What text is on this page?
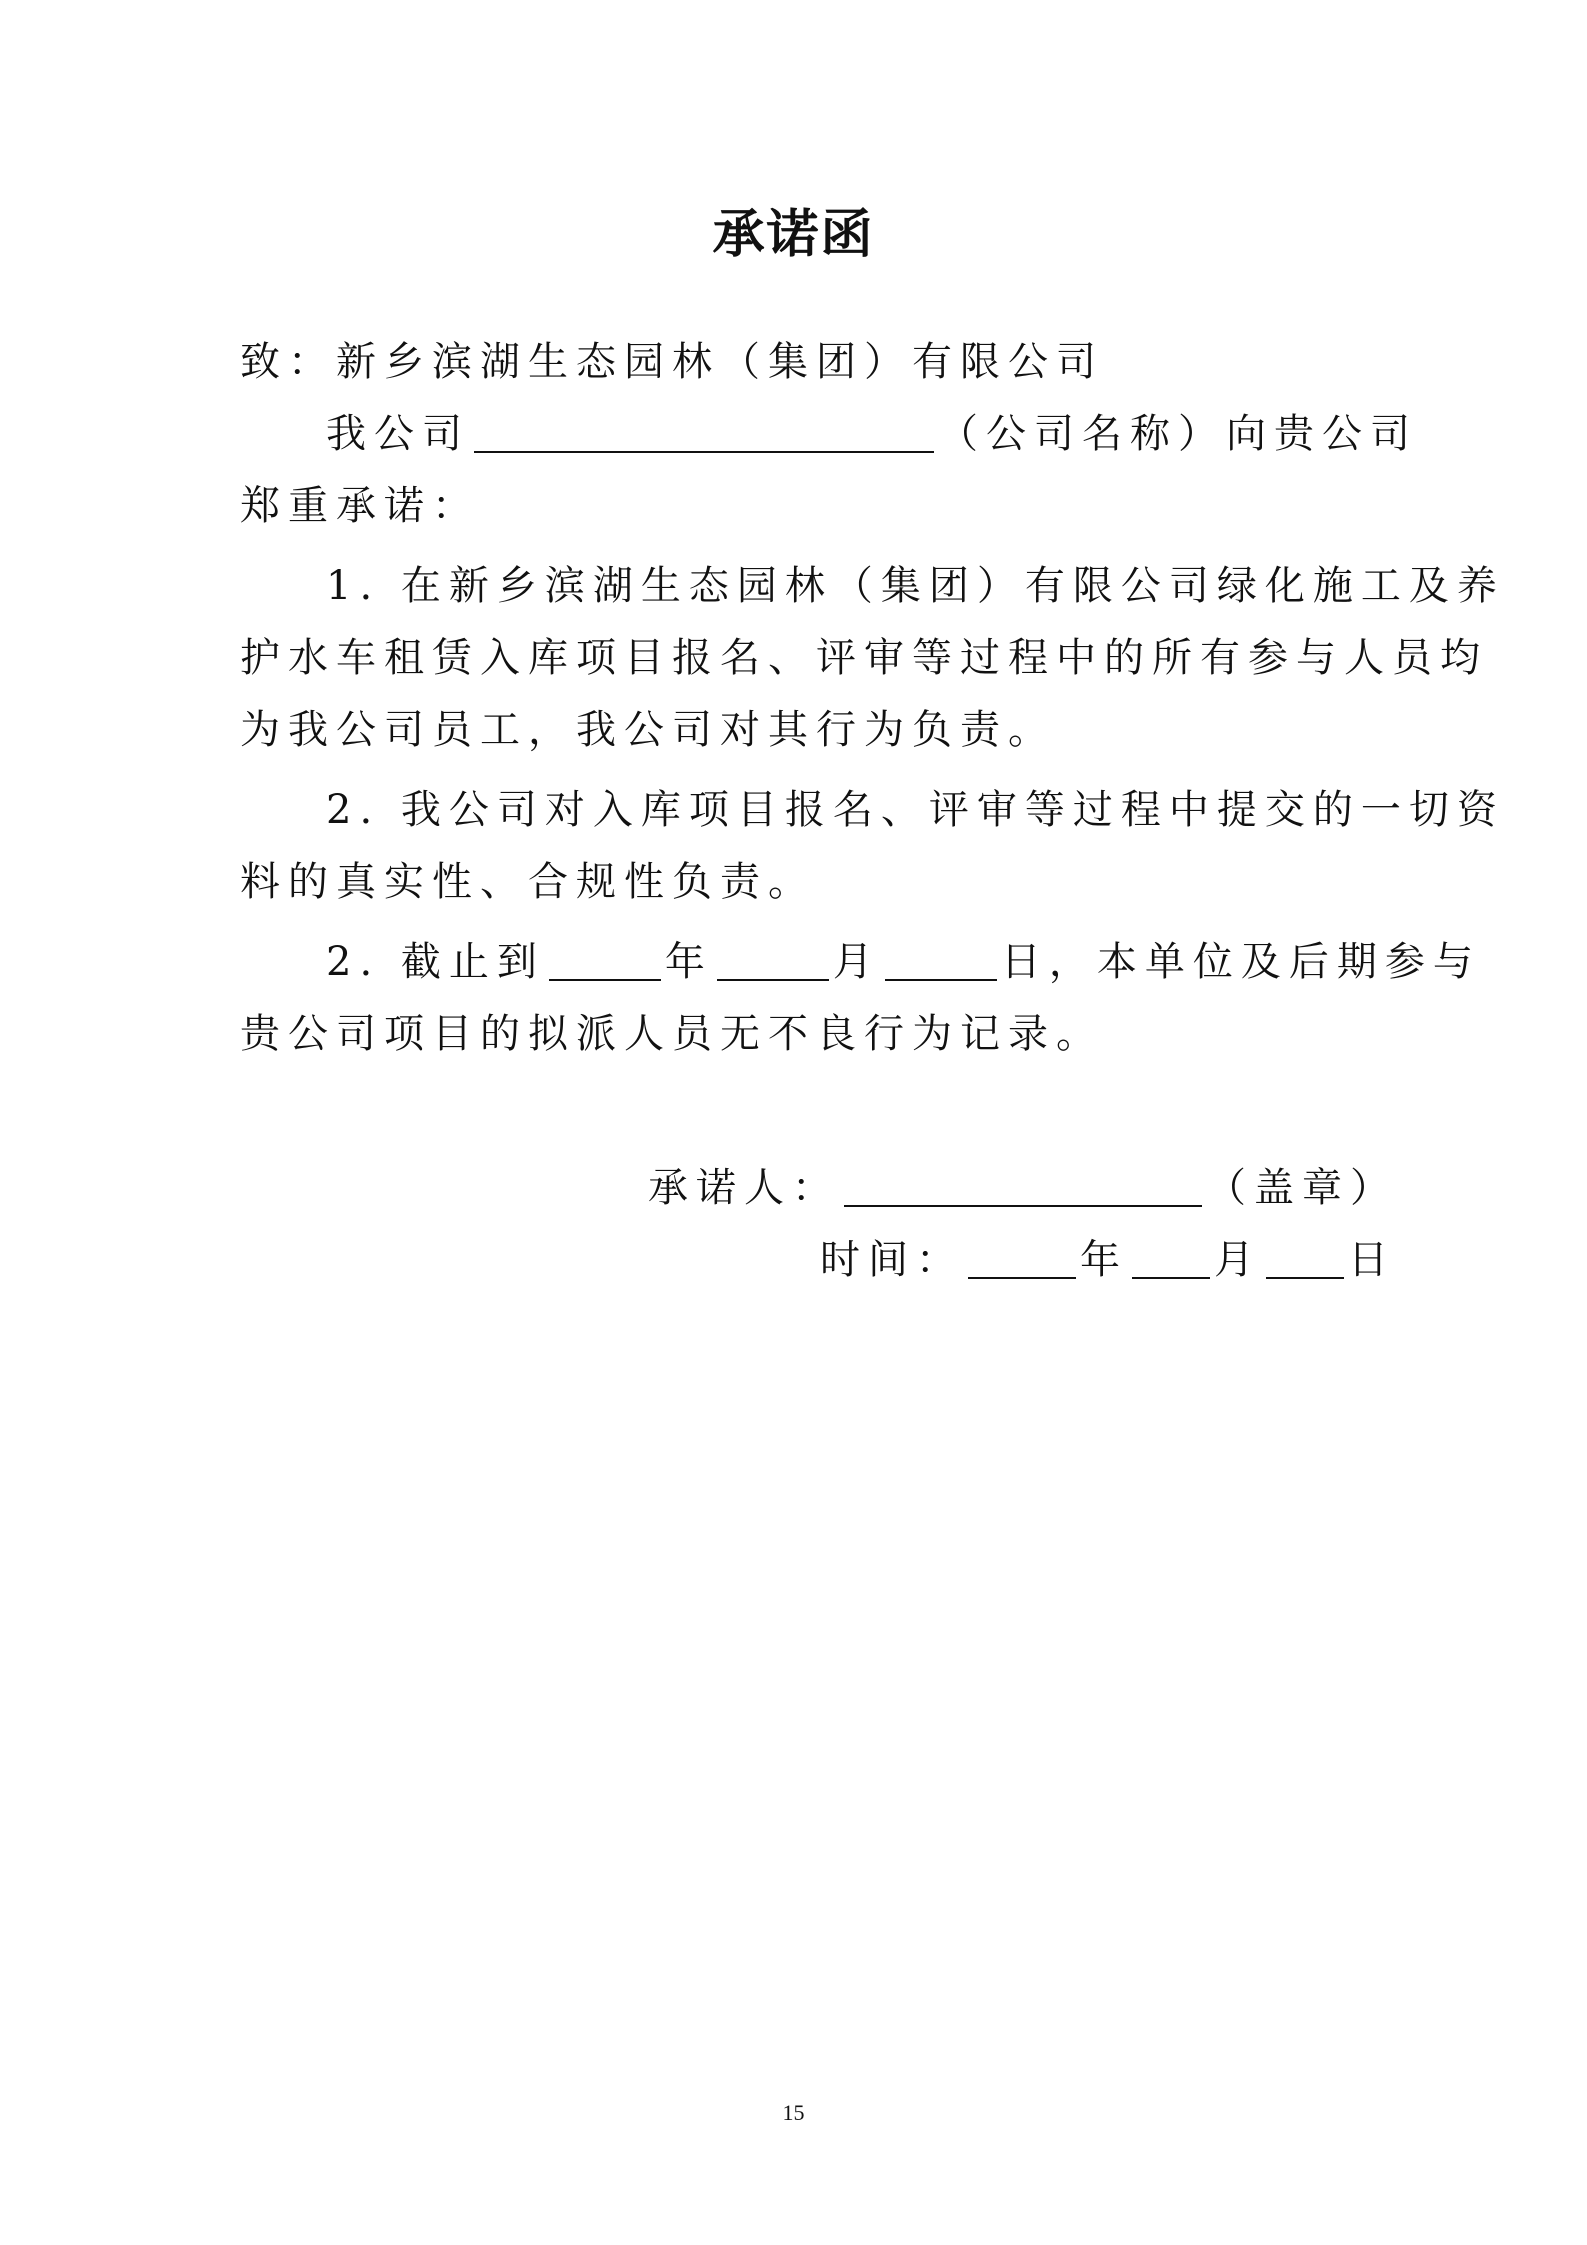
承诺函
致：新乡滨湖生态园林（集团）有限公司
我公司	（公司名称）向贵公司
郑重承诺：
1. 在新乡滨湖生态园林（集团）有限公司绿化施工及养
护水车租赁入库项目报名、评审等过程中的所有参与人员均
为我公司员工，我公司对其行为负责。
2. 我公司对入库项目报名、评审等过程中提交的一切资
料的真实性、合规性负责。
2. 截止到	年	月	日，本单位及后期参与
贵公司项目的拟派人员无不良行为记录。
承诺人：	（盖章）
时间：	年 月 日
15
